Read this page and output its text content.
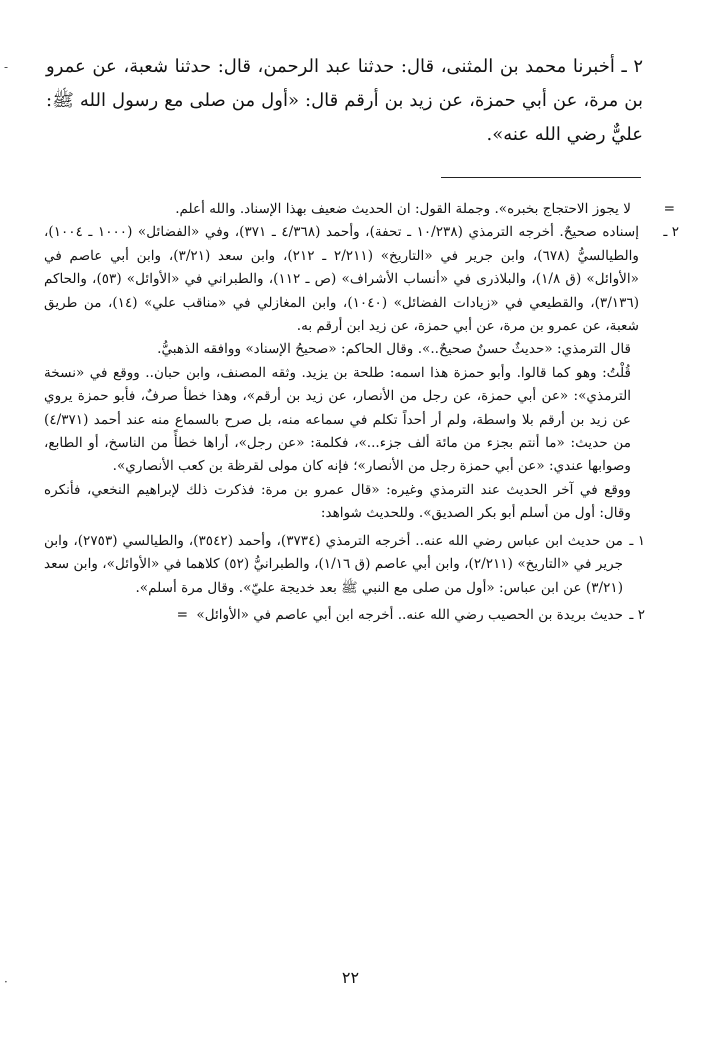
٢ ـ أخبرنا محمد بن المثنى، قال: حدثنا عبد الرحمن، قال: حدثنا شعبة، عن عمرو بن مرة، عن أبي حمزة، عن زيد بن أرقم قال: «أول من صلى مع رسول الله ﷺ: عليٌّ رضي الله عنه».

=
لا يجوز الاحتجاج بخبره». وجملة القول: ان الحديث ضعيف بهذا الإسناد. والله أعلم.

٢ ـ
إسناده صحيحٌ. أخرجه الترمذي (١٠/٢٣٨ ـ تحفة)، وأحمد (٤/٣٦٨ ـ ٣٧١)، وفي «الفضائل» (١٠٠٠ ـ ١٠٠٤)، والطيالسيُّ (٦٧٨)، وابن جرير في «التاريخ» (٢/٢١١ ـ ٢١٢)، وابن سعد (٣/٢١)، وابن أبي عاصم في «الأوائل» (ق ١/٨)، والبلاذرى في «أنساب الأشراف» (ص ـ ١١٢)، والطبراني في «الأوائل» (٥٣)، والحاكم (٣/١٣٦)، والقطيعي في «زيادات الفضائل» (١٠٤٠)، وابن المغازلي في «مناقب علي» (١٤)، من طريق شعبة، عن عمرو بن مرة، عن أبي حمزة، عن زيد ابن أرقم به.

قال الترمذي: «حديثٌ حسنٌ صحيحٌ..». وقال الحاكم: «صحيحُ الإسناد» ووافقه الذهبيُّ.

قُلْتُ: وهو كما قالوا. وأبو حمزة هذا اسمه: طلحة بن يزيد. وثقه المصنف، وابن حبان.. ووقع في «نسخة الترمذي»: «عن أبي حمزة، عن رجل من الأنصار، عن زيد بن أرقم»، وهذا خطأ صرفٌ، فأبو حمزة يروي عن زيد بن أرقم بلا واسطة، ولم أر أحداً تكلم في سماعه منه، بل صرح بالسماع منه عند أحمد (٤/٣٧١) من حديث: «ما أنتم بجزء من مائة ألف جزء...»، فكلمة: «عن رجل»، أراها خطأً من الناسخ، أو الطابع، وصوابها عندي: «عن أبي حمزة رجل من الأنصار»؛ فإنه كان مولى لقرظة بن كعب الأنصاري».

ووقع في آخر الحديث عند الترمذي وغيره: «قال عمرو بن مرة: فذكرت ذلك لإبراهيم النخعي، فأنكره وقال: أول من أسلم أبو بكر الصديق». وللحديث شواهد:

١ ـ
من حديث ابن عباس رضي الله عنه.. أخرجه الترمذي (٣٧٣٤)، وأحمد (٣٥٤٢)، والطيالسي (٢٧٥٣)، وابن جرير في «التاريخ» (٢/٢١١)، وابن أبي عاصم (ق ١/١٦)، والطبرانيُّ (٥٢) كلاهما في «الأوائل»، وابن سعد (٣/٢١) عن ابن عباس: «أول من صلى مع النبي ﷺ بعد خديجة عليّ». وقال مرة أسلم».

٢ ـ
حديث بريدة بن الحصيب رضي الله عنه.. أخرجه ابن أبي عاصم في «الأوائل» =

٢٢
-
·
